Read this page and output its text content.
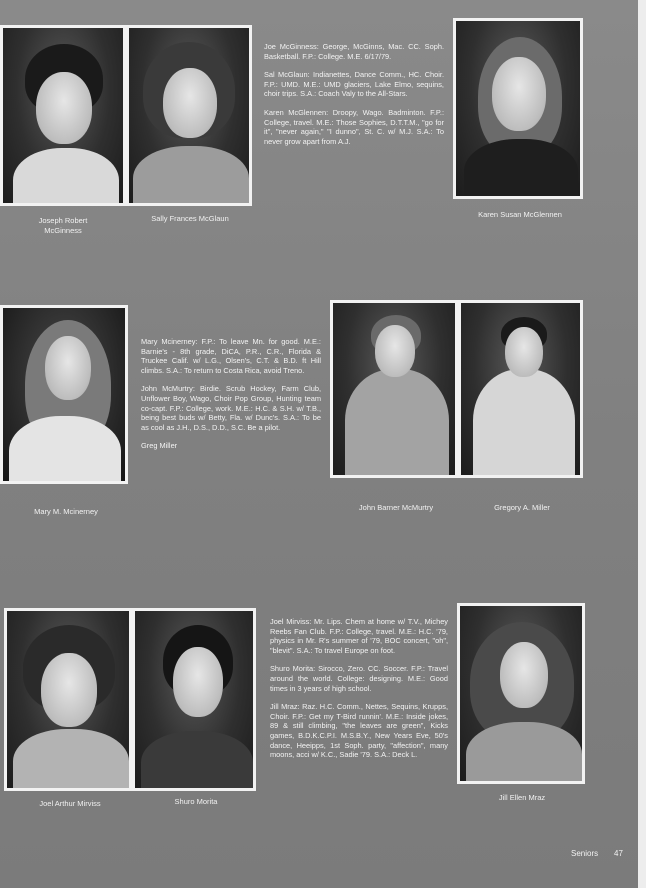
Joseph Robert McGinness
Sally Frances McGlaun	Karen Susan McGlennen

Joe McGinness: George, McGinns, Mac. CC. Soph. Basketball. F.P.: College. M.E. 6/17/79.

Sal McGlaun: Indianettes, Dance Comm., HC. Choir. F.P.: UMD. M.E.: UMD glaciers, Lake Elmo, sequins, choir trips. S.A.: Coach Valy to the All-Stars.

Karen McGlennen: Droopy, Wago. Badminton. F.P.: College, travel. M.E.: Those Sophies, D.T.T.M., "go for it", "never again," "I dunno", St. C. w/ M.J. S.A.: To never grow apart from A.J.

Mary M. Mcinerney	John Barner McMurtry	Gregory A. Miller

Mary Mcinerney: F.P.: To leave Mn. for good. M.E.: Barnie's - 8th grade, DiCA, P.R., C.R., Florida & Truckee Calif. w/ L.G., Olsen's, C.T. & B.D. ft Hill climbs. S.A.: To return to Costa Rica, avoid Treno.

John McMurtry: Birdie. Scrub Hockey, Farm Club, Unflower Boy, Wago, Choir Pop Group, Hunting team co-capt. F.P.: College, work. M.E.: H.C. & S.H. w/ T.B., being best buds w/ Betty, Fla. w/ Dunc's. S.A.: To be as cool as J.H., D.S., D.D., S.C. Be a pilot.

Greg Miller

Joel Arthur Mirviss	Shuro Morita	Jill Ellen Mraz

Joel Mirviss: Mr. Lips. Chem at home w/ T.V., Michey Reebs Fan Club. F.P.: College, travel. M.E.: H.C. '79, physics in Mr. R's summer of '79, BOC concert, "oh", "blevit". S.A.: To travel Europe on foot.

Shuro Morita: Sirocco, Zero. CC. Soccer. F.P.: Travel around the world. College: designing. M.E.: Good times in 3 years of high school.

Jill Mraz: Raz. H.C. Comm., Nettes, Sequins, Krupps, Choir. F.P.: Get my T-Bird runnin'. M.E.: Inside jokes, 89 & still climbing, "the leaves are green", Kicks games, B.D.K.C.P.I. M.S.B.Y., New Years Eve, 50's dance, Heeipps, 1st Soph. party, "affection", many moons, acci w/ K.C., Sadie '79. S.A.: Deck L.

Seniors 47
